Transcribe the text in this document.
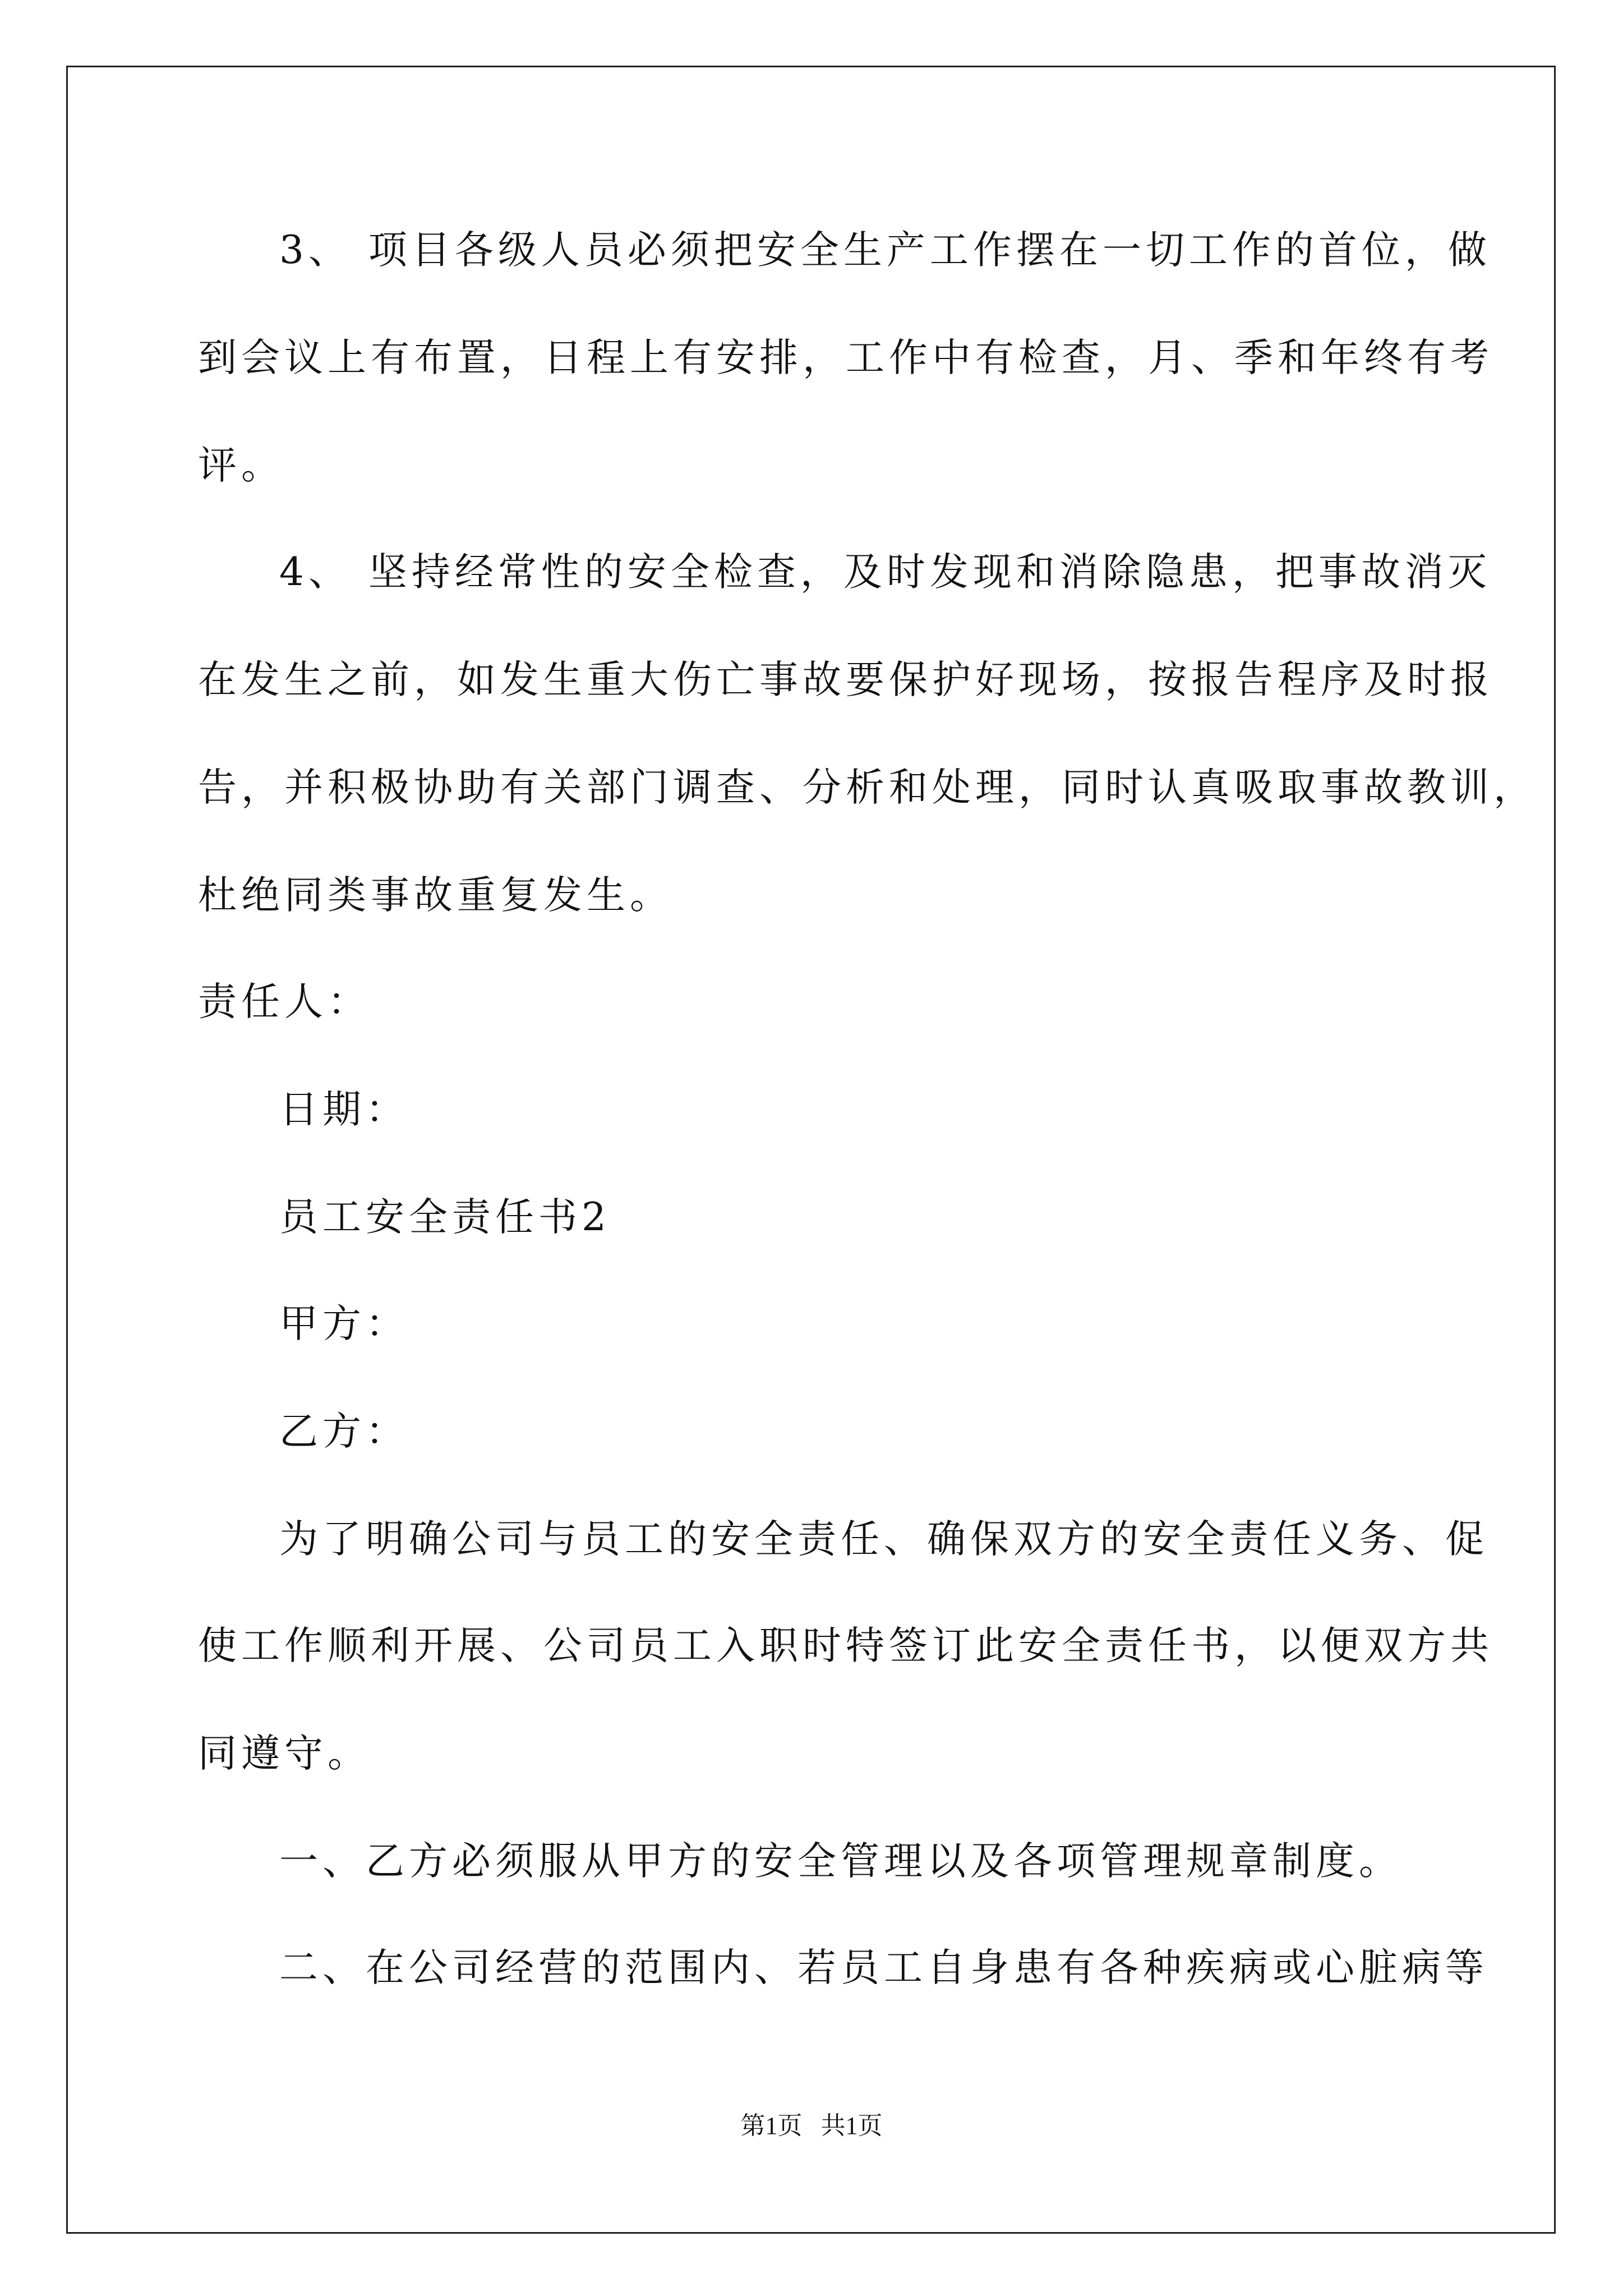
3、 项目各级人员必须把安全生产工作摆在一切工作的首位，做
到会议上有布置，日程上有安排，工作中有检查，月、季和年终有考
评。
4、 坚持经常性的安全检查，及时发现和消除隐患，把事故消灭
在发生之前，如发生重大伤亡事故要保护好现场，按报告程序及时报
告，并积极协助有关部门调查、分析和处理，同时认真吸取事故教训，
杜绝同类事故重复发生。
责任人：
日期：
员工安全责任书2
甲方：
乙方：
为了明确公司与员工的安全责任、确保双方的安全责任义务、促
使工作顺利开展、公司员工入职时特签订此安全责任书，以便双方共
同遵守。
一、乙方必须服从甲方的安全管理以及各项管理规章制度。
二、在公司经营的范围内、若员工自身患有各种疾病或心脏病等
第1页   共1页
